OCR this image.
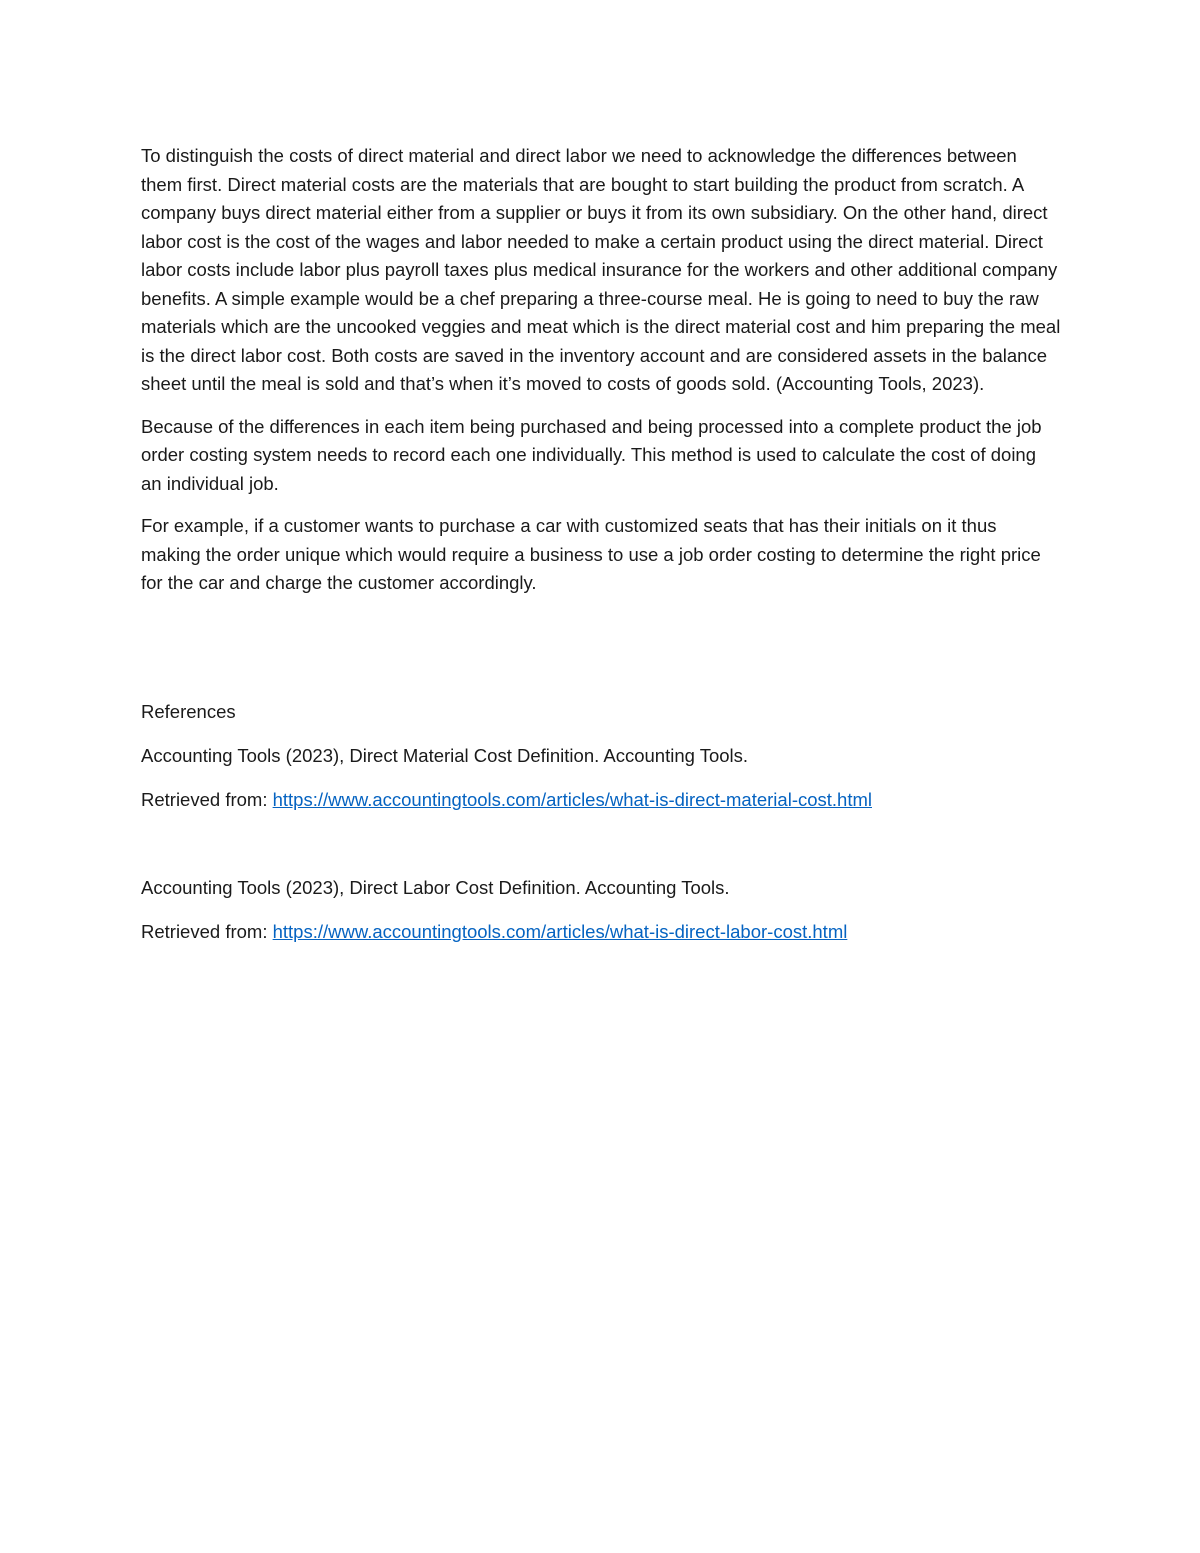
To distinguish the costs of direct material and direct labor we need to acknowledge the differences between them first. Direct material costs are the materials that are bought to start building the product from scratch. A company buys direct material either from a supplier or buys it from its own subsidiary. On the other hand, direct labor cost is the cost of the wages and labor needed to make a certain product using the direct material. Direct labor costs include labor plus payroll taxes plus medical insurance for the workers and other additional company benefits. A simple example would be a chef preparing a three-course meal. He is going to need to buy the raw materials which are the uncooked veggies and meat which is the direct material cost and him preparing the meal is the direct labor cost. Both costs are saved in the inventory account and are considered assets in the balance sheet until the meal is sold and that’s when it’s moved to costs of goods sold. (Accounting Tools, 2023).

Because of the differences in each item being purchased and being processed into a complete product the job order costing system needs to record each one individually. This method is used to calculate the cost of doing an individual job.

For example, if a customer wants to purchase a car with customized seats that has their initials on it thus making the order unique which would require a business to use a job order costing to determine the right price for the car and charge the customer accordingly.

References

Accounting Tools (2023), Direct Material Cost Definition. Accounting Tools.

Retrieved from: https://www.accountingtools.com/articles/what-is-direct-material-cost.html

Accounting Tools (2023), Direct Labor Cost Definition. Accounting Tools.

Retrieved from: https://www.accountingtools.com/articles/what-is-direct-labor-cost.html
